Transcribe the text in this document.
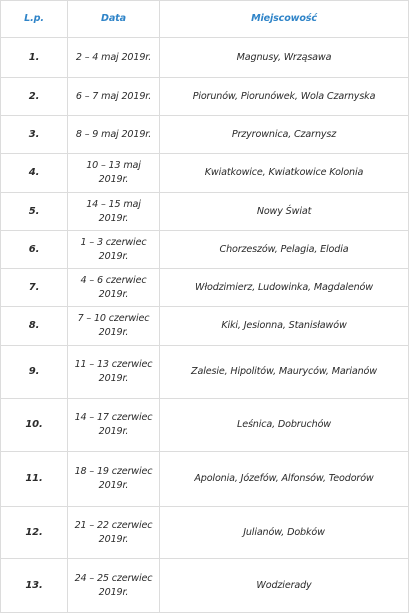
L.p.	Data	Miejscowość
1.	2 – 4 maj 2019r.	Magnusy, Wrząsawa
2.	6 – 7 maj 2019r.	Piorunów, Piorunówek, Wola Czarnyska
3.	8 – 9 maj 2019r.	Przyrownica, Czarnysz
4.	10 – 13 maj 2019r.	Kwiatkowice, Kwiatkowice Kolonia
5.	14 – 15 maj 2019r.	Nowy Świat
6.	1 – 3 czerwiec 2019r.	Chorzeszów, Pelagia, Elodia
7.	4 – 6 czerwiec 2019r.	Włodzimierz, Ludowinka, Magdalenów
8.	7 – 10 czerwiec 2019r.	Kiki, Jesionna, Stanisławów
9.	11 – 13 czerwiec 2019r.	Zalesie, Hipolitów, Mauryców, Marianów
10.	14 – 17 czerwiec 2019r.	Leśnica, Dobruchów
11.	18 – 19 czerwiec 2019r.	Apolonia, Józefów, Alfonsów, Teodorów
12.	21 – 22 czerwiec 2019r.	Julianów, Dobków
13.	24 – 25 czerwiec 2019r.	Wodzierady
